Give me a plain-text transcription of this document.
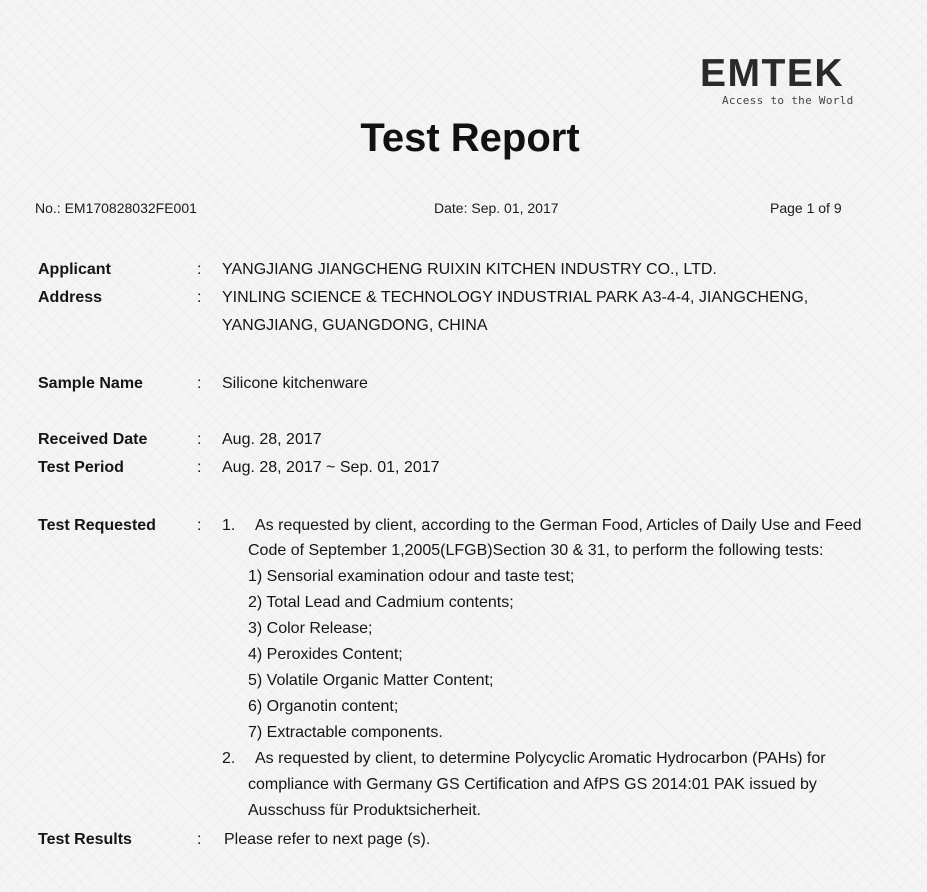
EMTEK
Access to the World
Test Report
No.: EM170828032FE001	Date: Sep. 01, 2017	Page 1 of 9
Applicant	: YANGJIANG JIANGCHENG RUIXIN KITCHEN INDUSTRY CO., LTD.
Address	: YINLING SCIENCE & TECHNOLOGY INDUSTRIAL PARK A3-4-4, JIANGCHENG,
YANGJIANG, GUANGDONG, CHINA
Sample Name	: Silicone kitchenware
Received Date	: Aug. 28, 2017
Test Period	: Aug. 28, 2017 ~ Sep. 01, 2017
Test Requested	: 1. As requested by client, according to the German Food, Articles of Daily Use and Feed
Code of September 1,2005(LFGB)Section 30 & 31, to perform the following tests:
1) Sensorial examination odour and taste test;
2) Total Lead and Cadmium contents;
3) Color Release;
4) Peroxides Content;
5) Volatile Organic Matter Content;
6) Organotin content;
7) Extractable components.
2. As requested by client, to determine Polycyclic Aromatic Hydrocarbon (PAHs) for
compliance with Germany GS Certification and AfPS GS 2014:01 PAK issued by
Ausschuss für Produktsicherheit.
Test Results	: Please refer to next page (s).
